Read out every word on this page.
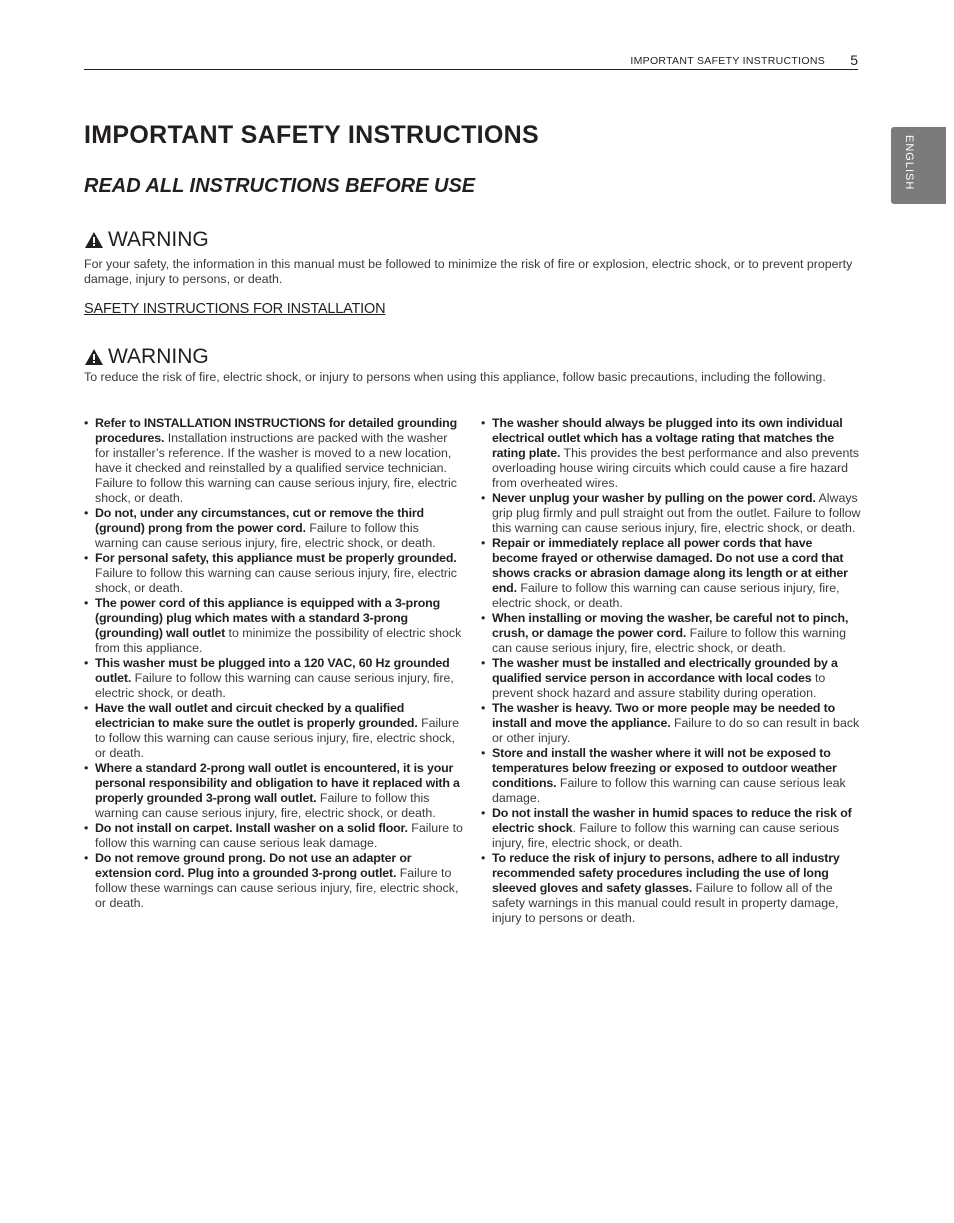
IMPORTANT SAFETY INSTRUCTIONS 5
ENGLISH
IMPORTANT SAFETY INSTRUCTIONS
READ ALL INSTRUCTIONS BEFORE USE
WARNING

For your safety, the information in this manual must be followed to minimize the risk of fire or explosion, electric shock, or to prevent property damage, injury to persons, or death.

SAFETY INSTRUCTIONS FOR INSTALLATION
WARNING

To reduce the risk of fire, electric shock, or injury to persons when using this appliance, follow basic precautions, including the following.

• Refer to INSTALLATION INSTRUCTIONS for detailed grounding procedures. Installation instructions are packed with the washer for installer’s reference. If the washer is moved to a new location, have it checked and reinstalled by a qualified service technician. Failure to follow this warning can cause serious injury, fire, electric shock, or death.

• Do not, under any circumstances, cut or remove the third (ground) prong from the power cord. Failure to follow this warning can cause serious injury, fire, electric shock, or death.

• For personal safety, this appliance must be properly grounded. Failure to follow this warning can cause serious injury, fire, electric shock, or death.

• The power cord of this appliance is equipped with a 3-prong (grounding) plug which mates with a standard 3-prong (grounding) wall outlet to minimize the possibility of electric shock from this appliance.

• This washer must be plugged into a 120 VAC, 60 Hz grounded outlet. Failure to follow this warning can cause serious injury, fire, electric shock, or death.

• Have the wall outlet and circuit checked by a qualified electrician to make sure the outlet is properly grounded. Failure to follow this warning can cause serious injury, fire, electric shock, or death.

• Where a standard 2-prong wall outlet is encountered, it is your personal responsibility and obligation to have it replaced with a properly grounded 3-prong wall outlet. Failure to follow this warning can cause serious injury, fire, electric shock, or death.

• Do not install on carpet. Install washer on a solid floor. Failure to follow this warning can cause serious leak damage.

• Do not remove ground prong. Do not use an adapter or extension cord. Plug into a grounded 3-prong outlet. Failure to follow these warnings can cause serious injury, fire, electric shock, or death.

• The washer should always be plugged into its own individual electrical outlet which has a voltage rating that matches the rating plate. This provides the best performance and also prevents overloading house wiring circuits which could cause a fire hazard from overheated wires.

• Never unplug your washer by pulling on the power cord. Always grip plug firmly and pull straight out from the outlet. Failure to follow this warning can cause serious injury, fire, electric shock, or death.

• Repair or immediately replace all power cords that have become frayed or otherwise damaged. Do not use a cord that shows cracks or abrasion damage along its length or at either end. Failure to follow this warning can cause serious injury, fire, electric shock, or death.

• When installing or moving the washer, be careful not to pinch, crush, or damage the power cord. Failure to follow this warning can cause serious injury, fire, electric shock, or death.

• The washer must be installed and electrically grounded by a qualified service person in accordance with local codes to prevent shock hazard and assure stability during operation.

• The washer is heavy. Two or more people may be needed to install and move the appliance. Failure to do so can result in back or other injury.

• Store and install the washer where it will not be exposed to temperatures below freezing or exposed to outdoor weather conditions. Failure to follow this warning can cause serious leak damage.

• Do not install the washer in humid spaces to reduce the risk of electric shock. Failure to follow this warning can cause serious injury, fire, electric shock, or death.

• To reduce the risk of injury to persons, adhere to all industry recommended safety procedures including the use of long sleeved gloves and safety glasses. Failure to follow all of the safety warnings in this manual could result in property damage, injury to persons or death.
